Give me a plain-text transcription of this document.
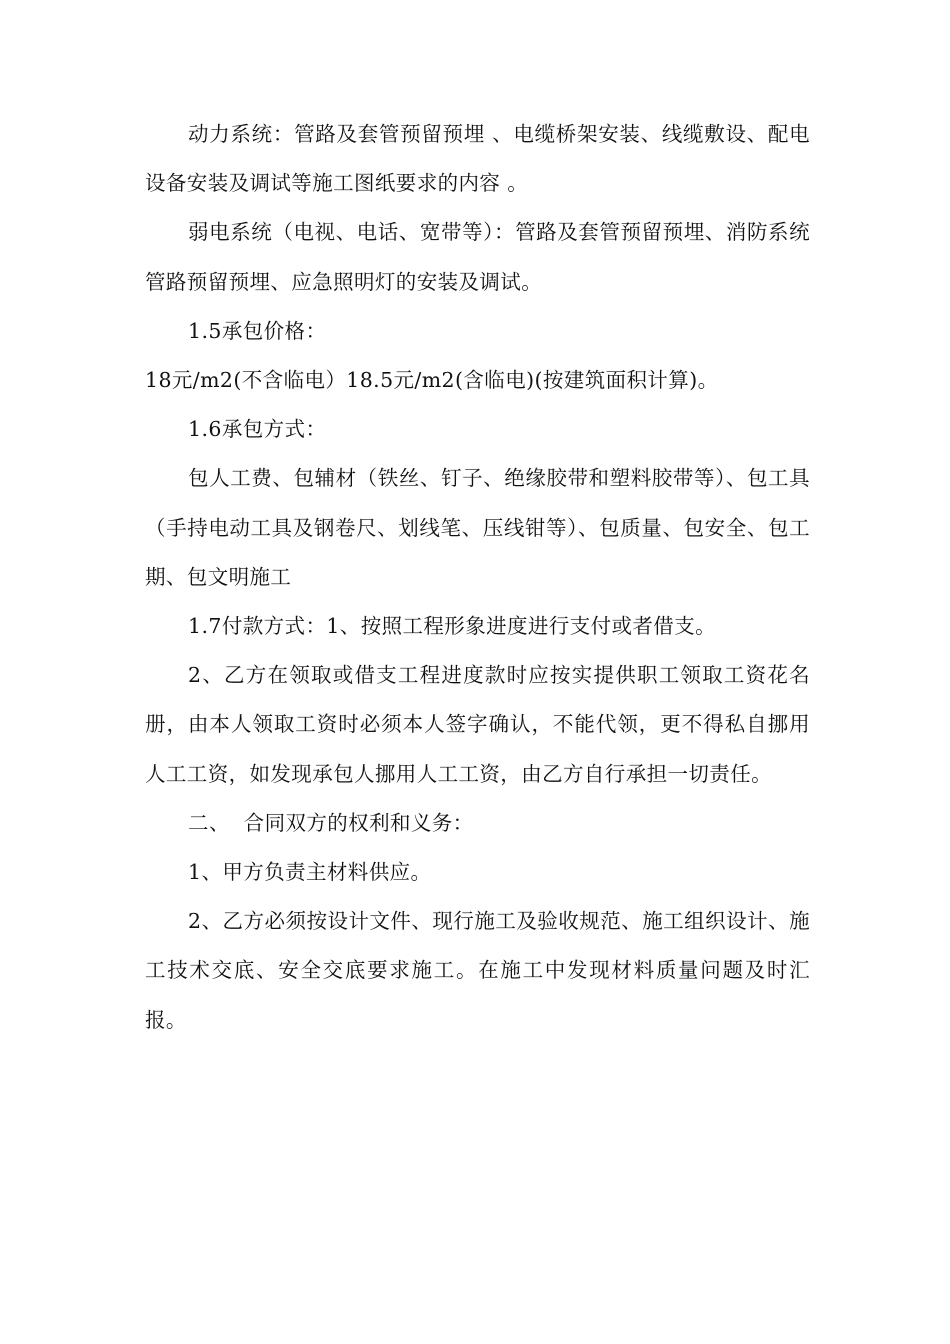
动力系统：管路及套管预留预埋 、电缆桥架安装、线缆敷设、配电设备安装及调试等施工图纸要求的内容 。

弱电系统（电视、电话、宽带等）：管路及套管预留预埋、消防系统管路预留预埋、应急照明灯的安装及调试。

1.5承包价格：

18元/m2(不含临电）18.5元/m2(含临电)(按建筑面积计算)。

1.6承包方式：

包人工费、包辅材（铁丝、钉子、绝缘胶带和塑料胶带等）、包工具（手持电动工具及钢卷尺、划线笔、压线钳等）、包质量、包安全、包工期、包文明施工

1.7付款方式：1、按照工程形象进度进行支付或者借支。

2、乙方在领取或借支工程进度款时应按实提供职工领取工资花名册，由本人领取工资时必须本人签字确认，不能代领，更不得私自挪用人工工资，如发现承包人挪用人工工资，由乙方自行承担一切责任。

二、  合同双方的权利和义务：

1、甲方负责主材料供应。

2、乙方必须按设计文件、现行施工及验收规范、施工组织设计、施工技术交底、安全交底要求施工。在施工中发现材料质量问题及时汇报。
